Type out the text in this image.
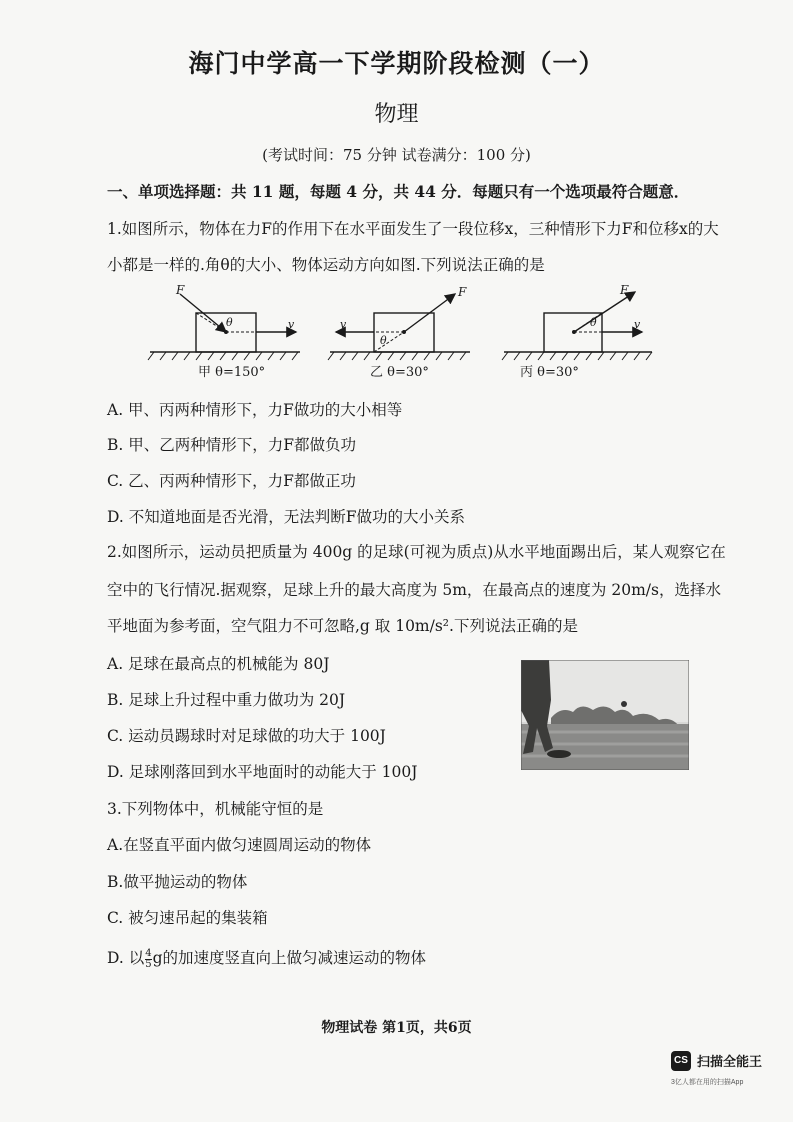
海门中学高一下学期阶段检测（一）
物理
(考试时间：75 分钟 试卷满分：100 分)
一、单项选择题：共 11 题，每题 4 分，共 44 分．每题只有一个选项最符合题意．
1.如图所示，物体在力F的作用下在水平面发生了一段位移x，三种情形下力F和位移x的大
小都是一样的.角θ的大小、物体运动方向如图.下列说法正确的是
F
θ	v
甲 θ=150°
F
θ
v
乙 θ=30°
F
θ	v
丙 θ=30°
A. 甲、丙两种情形下，力F做功的大小相等
B. 甲、乙两种情形下，力F都做负功
C. 乙、丙两种情形下，力F都做正功
D. 不知道地面是否光滑，无法判断F做功的大小关系
2.如图所示，运动员把质量为 400g 的足球(可视为质点)从水平地面踢出后，某人观察它在
空中的飞行情况.据观察，足球上升的最大高度为 5m，在最高点的速度为 20m/s，选择水
平地面为参考面，空气阻力不可忽略,g 取 10m/s².下列说法正确的是
A. 足球在最高点的机械能为 80J
B. 足球上升过程中重力做功为 20J
C. 运动员踢球时对足球做的功大于 100J
D. 足球刚落回到水平地面时的动能大于 100J
3.下列物体中，机械能守恒的是
A.在竖直平面内做匀速圆周运动的物体
B.做平抛运动的物体
C. 被匀速吊起的集装箱
D. 以 $\frac{4}{5}$ g的加速度竖直向上做匀减速运动的物体
物理试卷 第1页，共6页
CS 扫描全能王
3亿人都在用的扫描App
